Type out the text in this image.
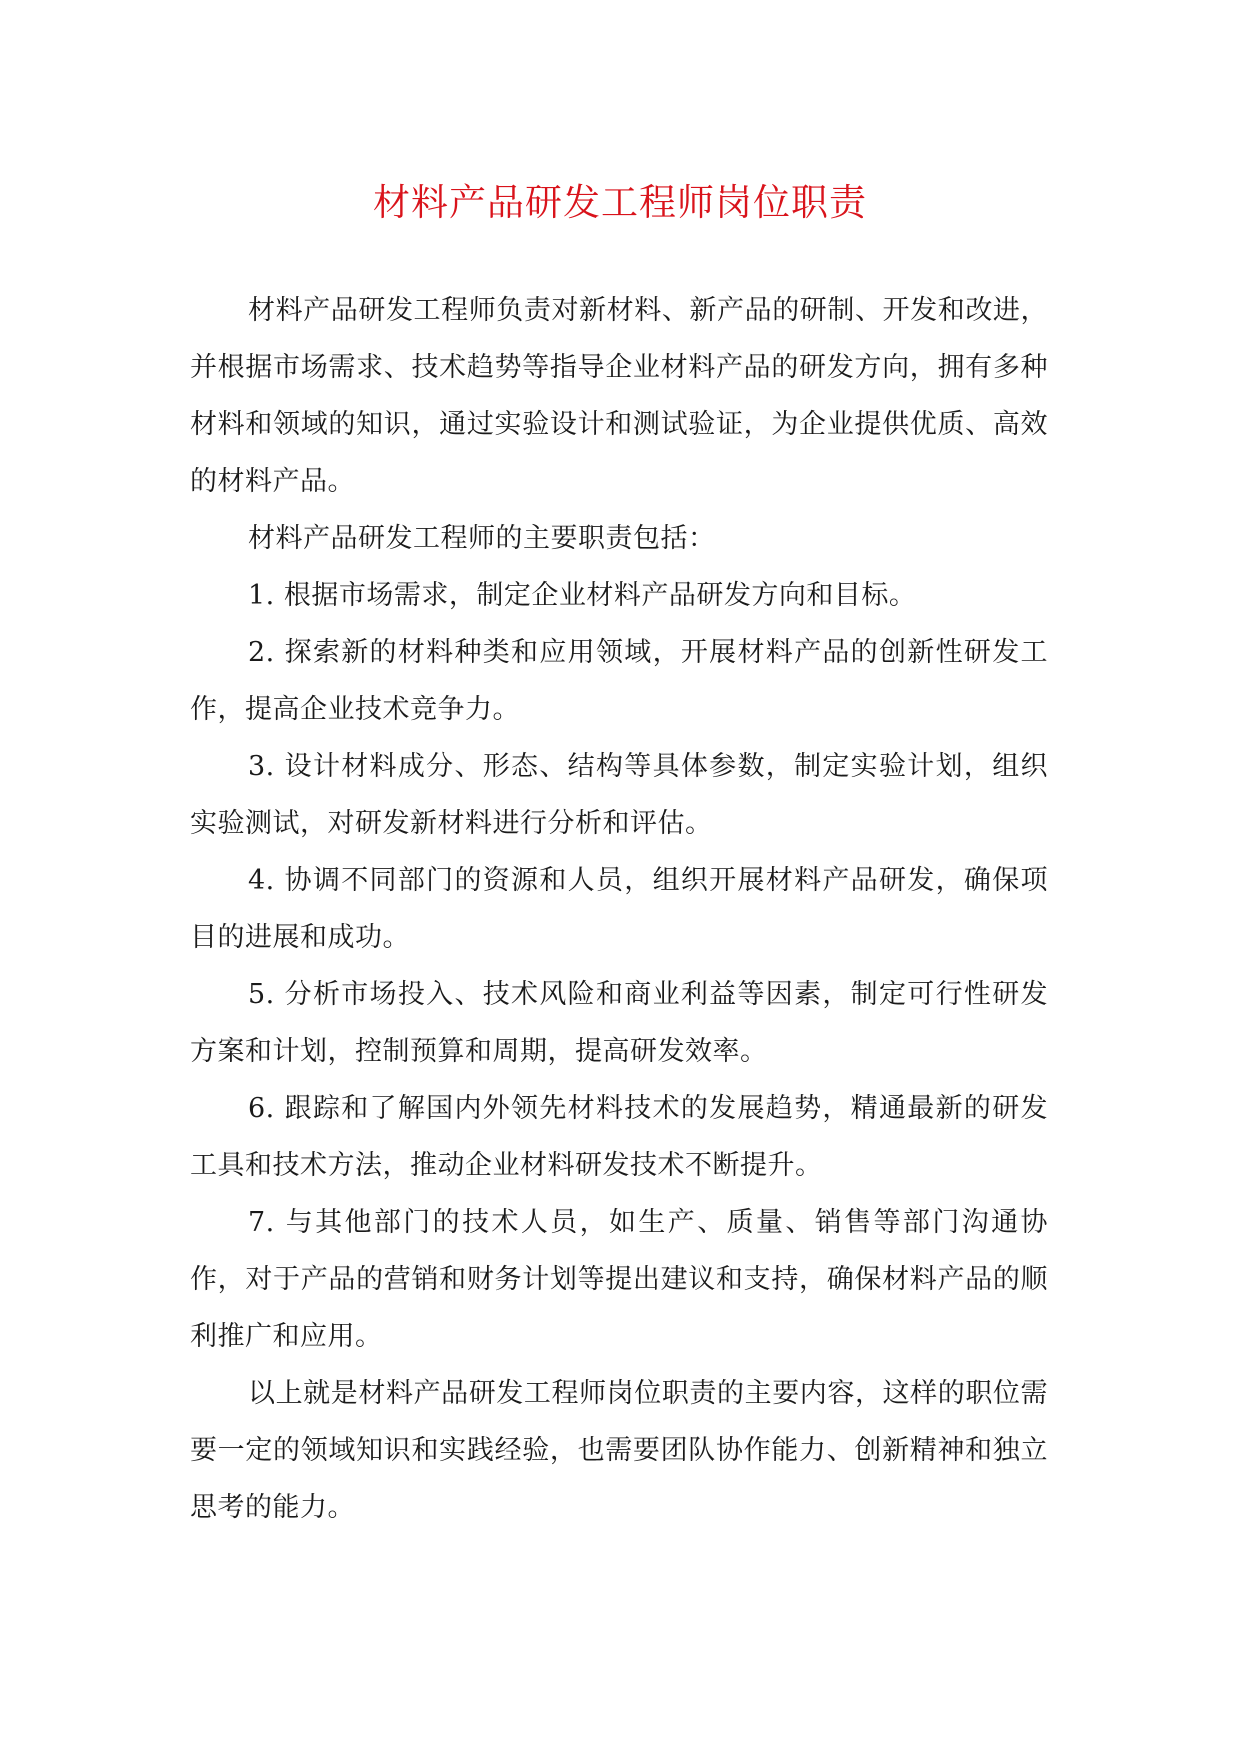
材料产品研发工程师岗位职责

材料产品研发工程师负责对新材料、新产品的研制、开发和改进，并根据市场需求、技术趋势等指导企业材料产品的研发方向，拥有多种材料和领域的知识，通过实验设计和测试验证，为企业提供优质、高效的材料产品。

材料产品研发工程师的主要职责包括：

1. 根据市场需求，制定企业材料产品研发方向和目标。

2. 探索新的材料种类和应用领域，开展材料产品的创新性研发工作，提高企业技术竞争力。

3. 设计材料成分、形态、结构等具体参数，制定实验计划，组织实验测试，对研发新材料进行分析和评估。

4. 协调不同部门的资源和人员，组织开展材料产品研发，确保项目的进展和成功。

5. 分析市场投入、技术风险和商业利益等因素，制定可行性研发方案和计划，控制预算和周期，提高研发效率。

6. 跟踪和了解国内外领先材料技术的发展趋势，精通最新的研发工具和技术方法，推动企业材料研发技术不断提升。

7. 与其他部门的技术人员，如生产、质量、销售等部门沟通协作，对于产品的营销和财务计划等提出建议和支持，确保材料产品的顺利推广和应用。

以上就是材料产品研发工程师岗位职责的主要内容，这样的职位需要一定的领域知识和实践经验，也需要团队协作能力、创新精神和独立思考的能力。
